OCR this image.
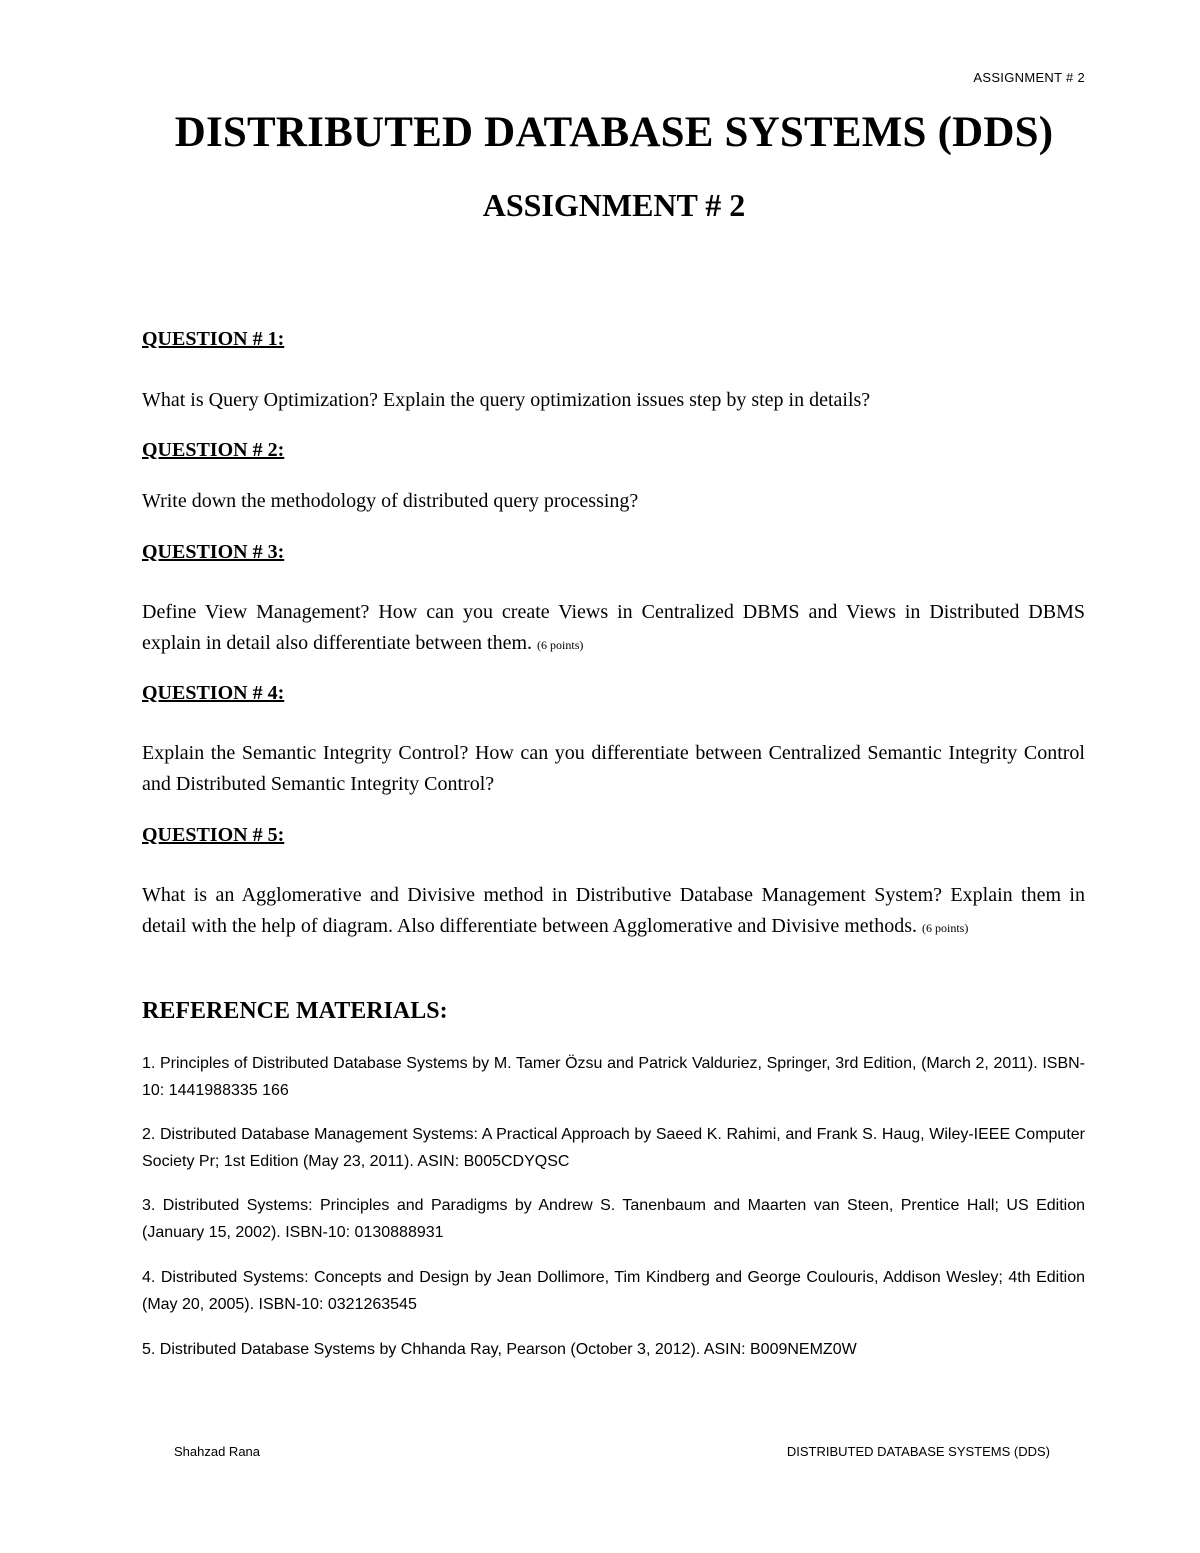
ASSIGNMENT # 2
DISTRIBUTED DATABASE SYSTEMS (DDS)
ASSIGNMENT # 2
QUESTION # 1:
What is Query Optimization? Explain the query optimization issues step by step in details?
QUESTION # 2:
Write down the methodology of distributed query processing?
QUESTION # 3:
Define View Management? How can you create Views in Centralized DBMS and Views in Distributed DBMS explain in detail also differentiate between them. (6 points)
QUESTION # 4:
Explain the Semantic Integrity Control? How can you differentiate between Centralized Semantic Integrity Control and Distributed Semantic Integrity Control?
QUESTION # 5:
What is an Agglomerative and Divisive method in Distributive Database Management System? Explain them in detail with the help of diagram. Also differentiate between Agglomerative and Divisive methods. (6 points)
REFERENCE MATERIALS:
1. Principles of Distributed Database Systems by M. Tamer Özsu and Patrick Valduriez, Springer, 3rd Edition, (March 2, 2011). ISBN-10: 1441988335 166
2. Distributed Database Management Systems: A Practical Approach by Saeed K. Rahimi, and Frank S. Haug, Wiley-IEEE Computer Society Pr; 1st Edition (May 23, 2011). ASIN: B005CDYQSC
3. Distributed Systems: Principles and Paradigms by Andrew S. Tanenbaum and Maarten van Steen, Prentice Hall; US Edition (January 15, 2002). ISBN-10: 0130888931
4. Distributed Systems: Concepts and Design by Jean Dollimore, Tim Kindberg and George Coulouris, Addison Wesley; 4th Edition (May 20, 2005). ISBN-10: 0321263545
5. Distributed Database Systems by Chhanda Ray, Pearson (October 3, 2012). ASIN: B009NEMZ0W
Shahzad Rana	DISTRIBUTED DATABASE SYSTEMS (DDS)
